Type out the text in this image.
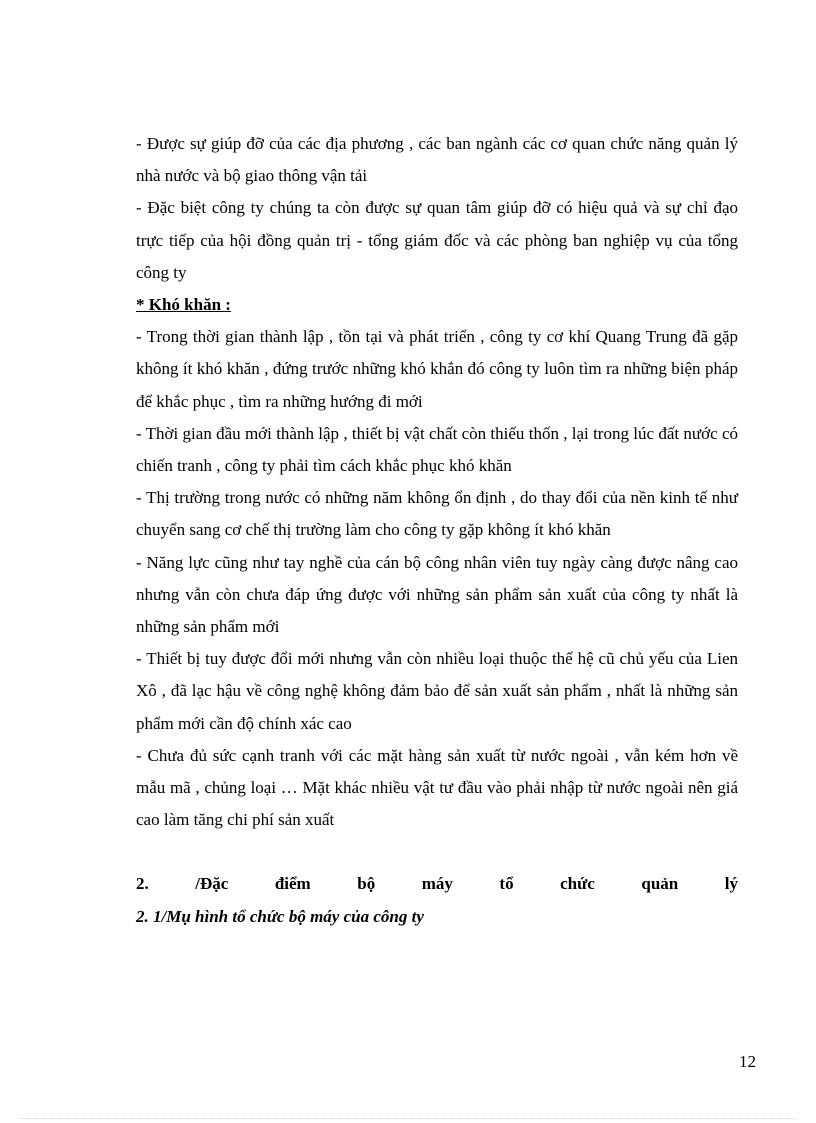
- Được sự giúp đỡ của các địa phương , các ban ngành các cơ quan chức năng quản lý nhà nước và bộ giao thông vận tải

- Đặc biệt công ty chúng ta còn được sự quan tâm giúp đỡ có hiệu quả và sự chỉ đạo trực tiếp của hội đồng quản trị - tổng giám đốc và các phòng ban nghiệp vụ của tổng công ty

* Khó khăn :

- Trong thời gian thành lập , tồn tại và phát triển , công ty cơ khí Quang Trung đã gặp không ít khó khăn , đứng trước những khó khắn đó công ty luôn tìm ra những biện pháp để khắc phục , tìm ra những hướng đi mới

- Thời gian đầu mới thành lập , thiết bị vật chất còn thiếu thốn , lại trong lúc đất nước có chiến tranh , công ty phải tìm cách khắc phục khó khăn

- Thị trường trong nước có những năm không ổn định , do thay đổi của nền kinh tế như chuyển sang cơ chế thị trường làm cho công ty gặp không ít khó khăn

- Năng lực cũng như tay nghề của cán bộ công nhân viên tuy ngày càng được nâng cao nhưng vẫn còn chưa đáp ứng được với những sản phẩm sản xuất của công ty nhất là những sản phẩm mới

- Thiết bị tuy được đổi mới nhưng vẫn còn nhiều loại thuộc thế hệ cũ chủ yếu của Lien Xô , đã lạc hậu về công nghệ không đảm bảo để sản xuất sản phẩm , nhất là những sản phẩm mới cần độ chính xác cao

- Chưa đủ sức cạnh tranh với các mặt hàng sản xuất từ nước ngoài , vẫn kém hơn về mẫu mã , chủng loại … Mặt khác nhiều vật tư đầu vào phải nhập từ nước ngoài nên giá cao làm tăng chi phí sản xuất

2.	/Đặc	điểm	bộ	máy	tổ	chức	quản	lý

2. 1/Mụ hình tổ chức bộ máy của công ty

12
